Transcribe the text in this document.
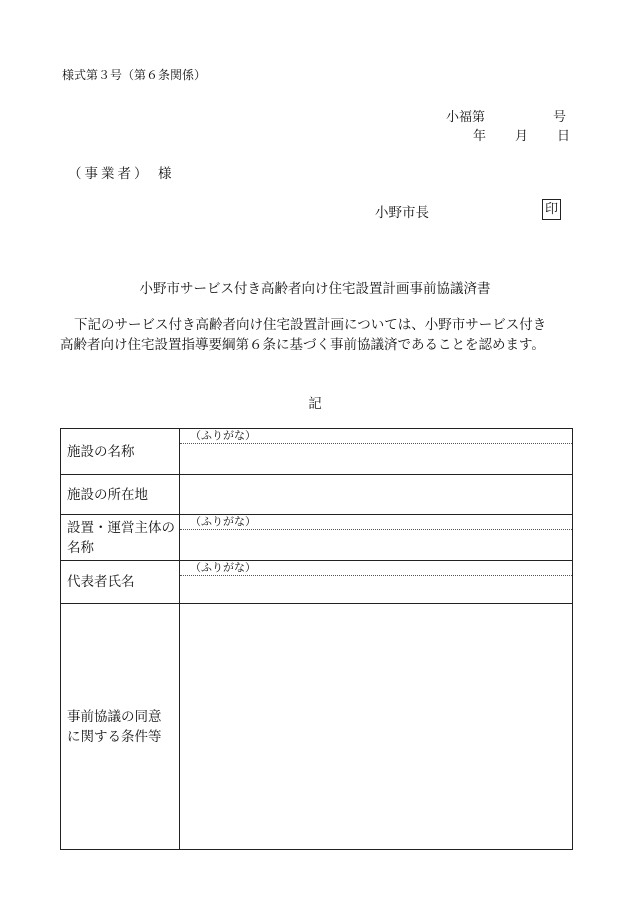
様式第３号（第６条関係）
小福第	号
年 月 日
（事業者） 様
小野市長	印
小野市サービス付き高齢者向け住宅設置計画事前協議済書
下記のサービス付き高齢者向け住宅設置計画については、小野市サービス付き
高齢者向け住宅設置指導要綱第６条に基づく事前協議済であることを認めます。
記
施設の名称	（ふりがな）

施設の所在地	
設置・運営主体の
名称	（ふりがな）

代表者氏名	（ふりがな）

事前協議の同意
に関する条件等	
